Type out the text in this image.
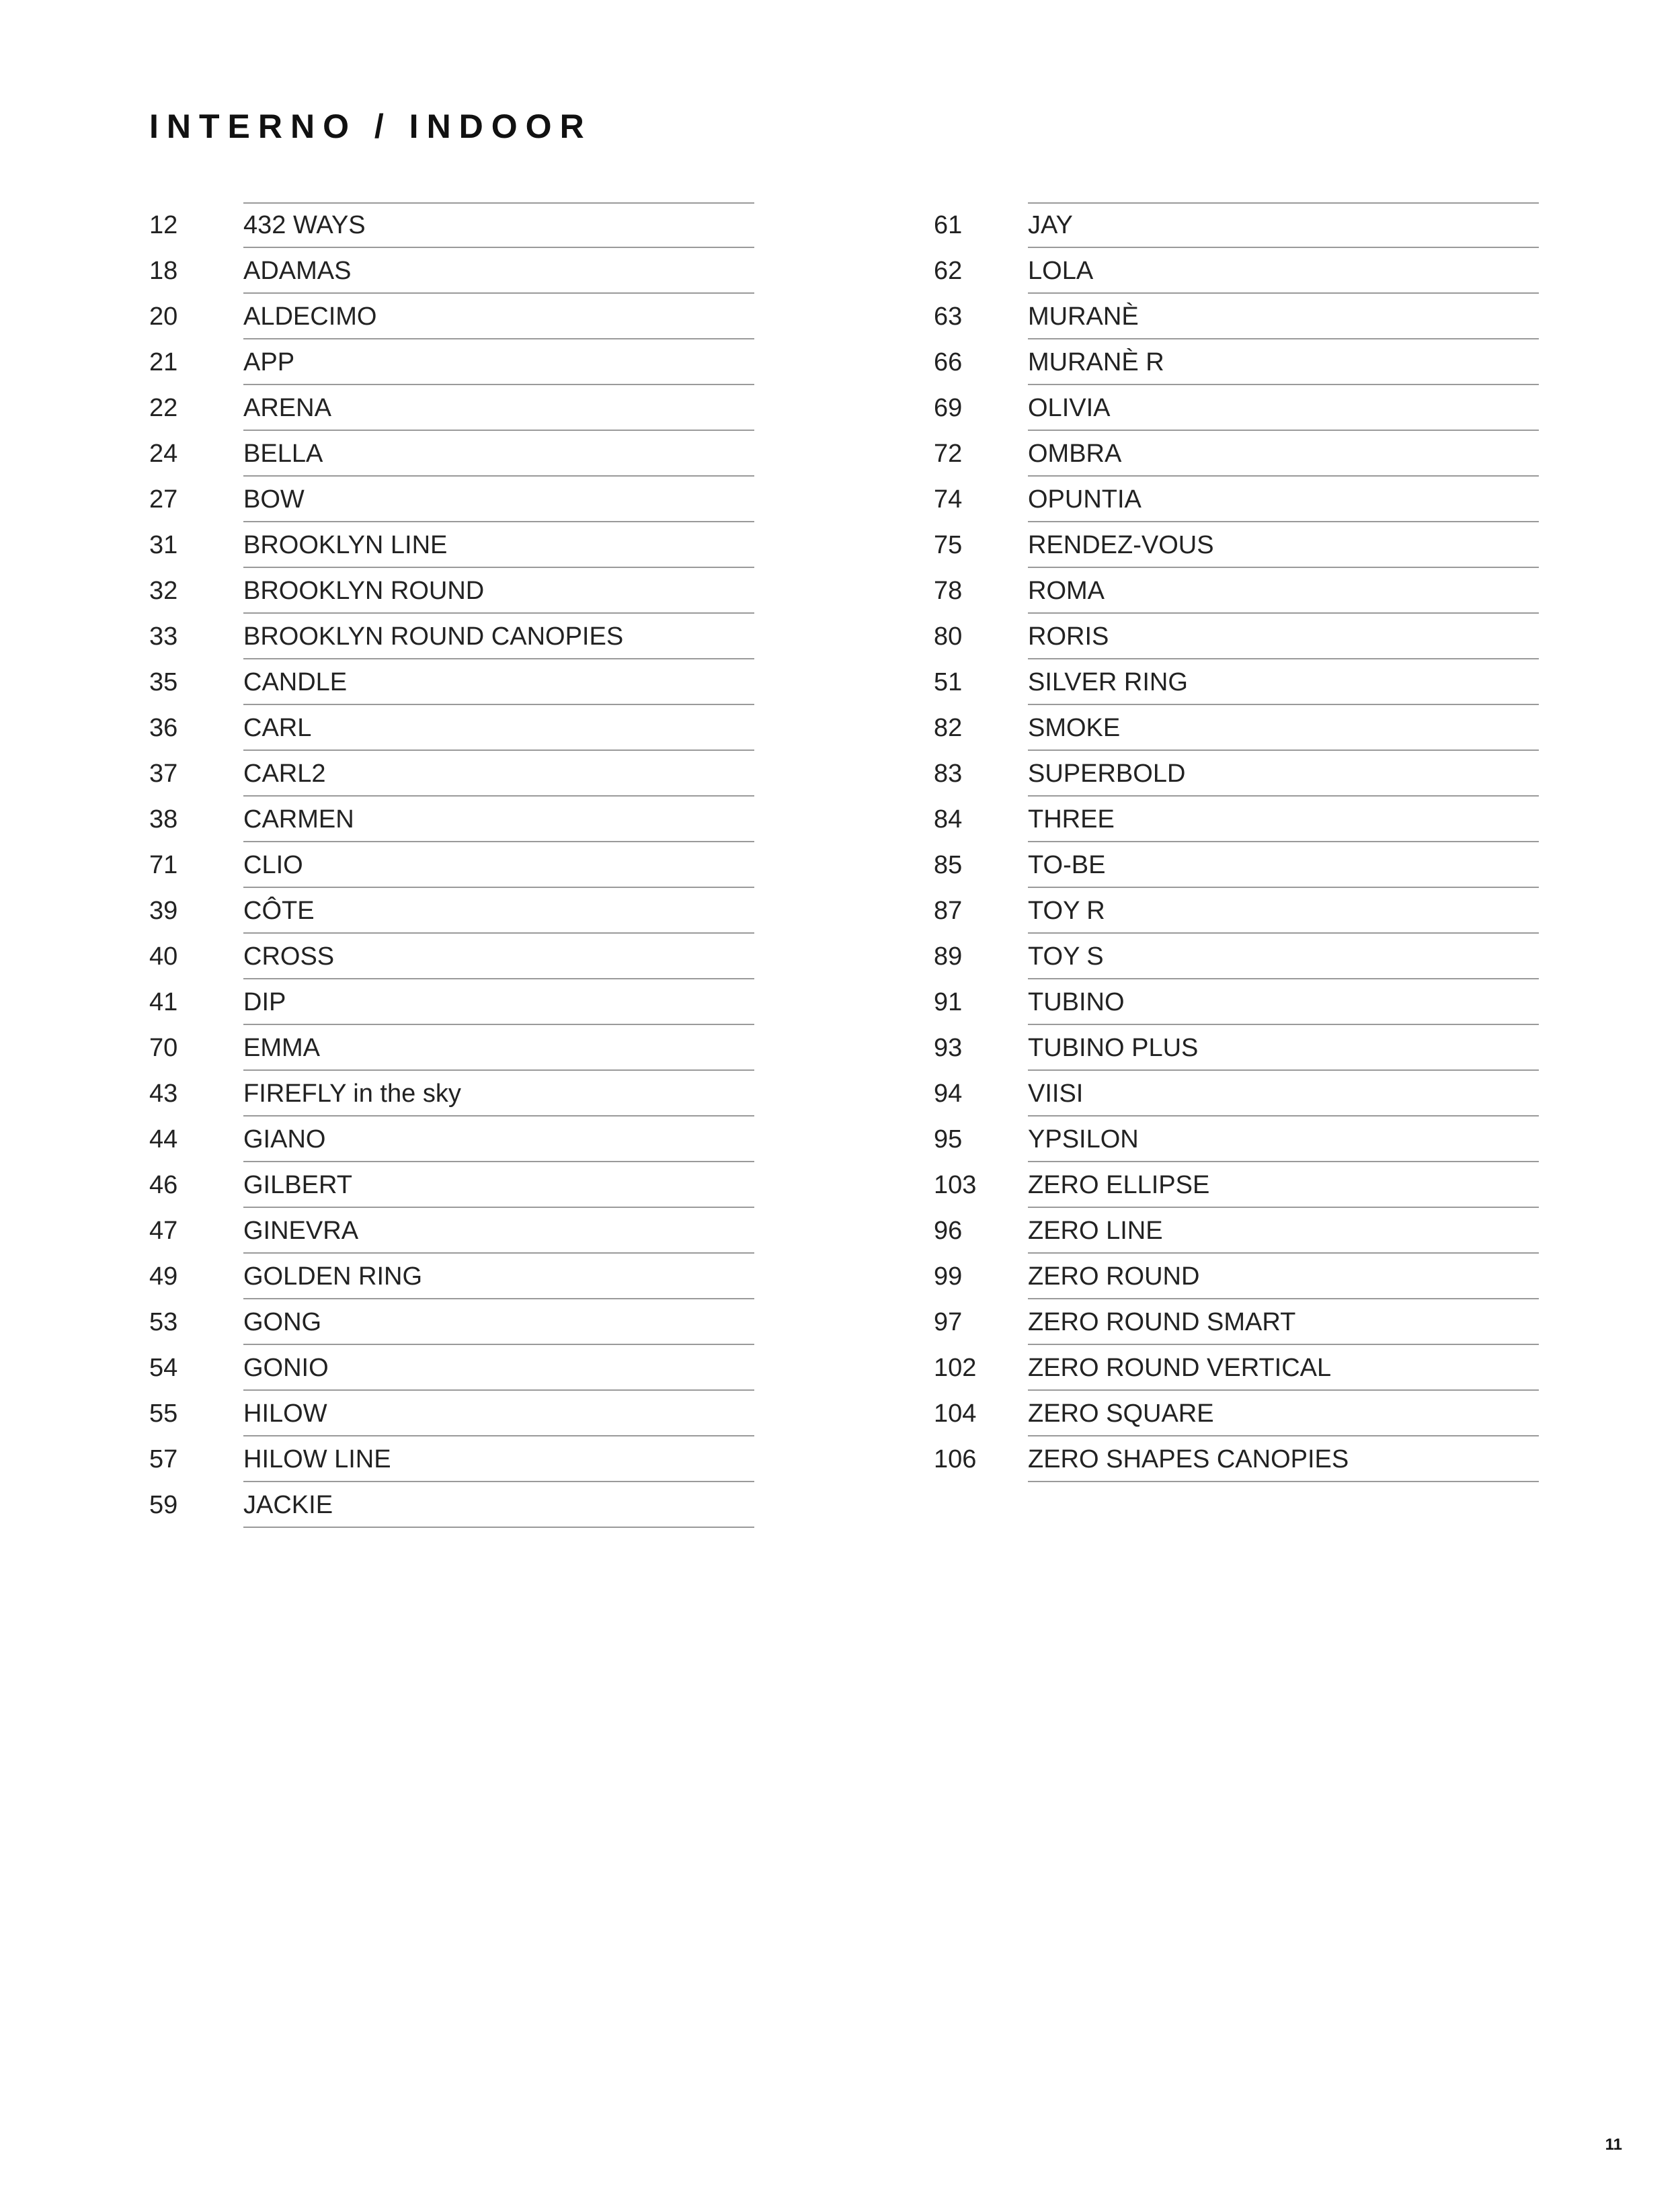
INTERNO / INDOOR
12	432 WAYS
18	ADAMAS
20	ALDECIMO
21	APP
22	ARENA
24	BELLA
27	BOW
31	BROOKLYN LINE
32	BROOKLYN ROUND
33	BROOKLYN ROUND CANOPIES
35	CANDLE
36	CARL
37	CARL2
38	CARMEN
71	CLIO
39	CÔTE
40	CROSS
41	DIP
70	EMMA
43	FIREFLY in the sky
44	GIANO
46	GILBERT
47	GINEVRA
49	GOLDEN RING
53	GONG
54	GONIO
55	HILOW
57	HILOW LINE
59	JACKIE
61	JAY
62	LOLA
63	MURANÈ
66	MURANÈ R
69	OLIVIA
72	OMBRA
74	OPUNTIA
75	RENDEZ-VOUS
78	ROMA
80	RORIS
51	SILVER RING
82	SMOKE
83	SUPERBOLD
84	THREE
85	TO-BE
87	TOY R
89	TOY S
91	TUBINO
93	TUBINO PLUS
94	VIISI
95	YPSILON
103	ZERO ELLIPSE
96	ZERO LINE
99	ZERO ROUND
97	ZERO ROUND SMART
102	ZERO ROUND VERTICAL
104	ZERO SQUARE
106	ZERO SHAPES CANOPIES
11
